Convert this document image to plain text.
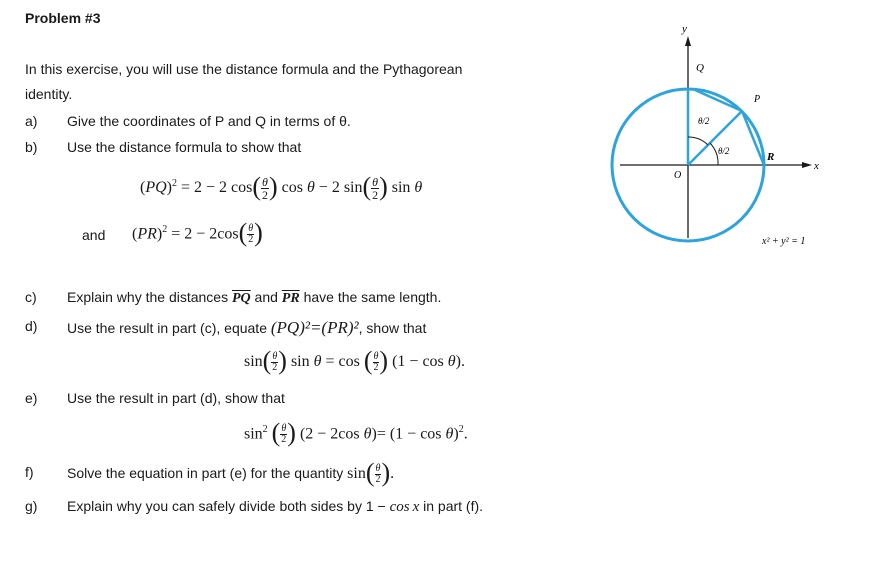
Problem #3
In this exercise, you will use the distance formula and the Pythagorean
identity.
a) Give the coordinates of P and Q in terms of θ.
b) Use the distance formula to show that
(PQ)$^2$ = 2 − 2 $\cos( \frac{\theta}{2}$ ) cos θ − 2 $\sin( \frac{\theta}{2}$ ) sin θ
and $(PR)^2 = 2 - 2\cos( \frac{\theta}{2}$ )
c) Explain why the distances $\overline{PQ}$ and $\overline{PR}$ have the same length.
d) Use the result in part (c), equate (PQ)²=(PR)², show that
$\sin( \frac{\theta}{2}$ ) sin θ = cos ( $\frac{\theta}{2}$ ) (1 − cos θ).
e) Use the result in part (d), show that
$\sin^2$ ( $\frac{\theta}{2}$ ) (2 − 2cos $\theta)= (1 - \cos \theta)^2$.
f) Solve the equation in part (e) for the quantity $\sin( \frac{\theta}{2}$ ).
g) Explain why you can safely divide both sides by 1 − cos x in part (f).
y
x
O
Q
P
R
θ/2
θ/2
x² + y² = 1
